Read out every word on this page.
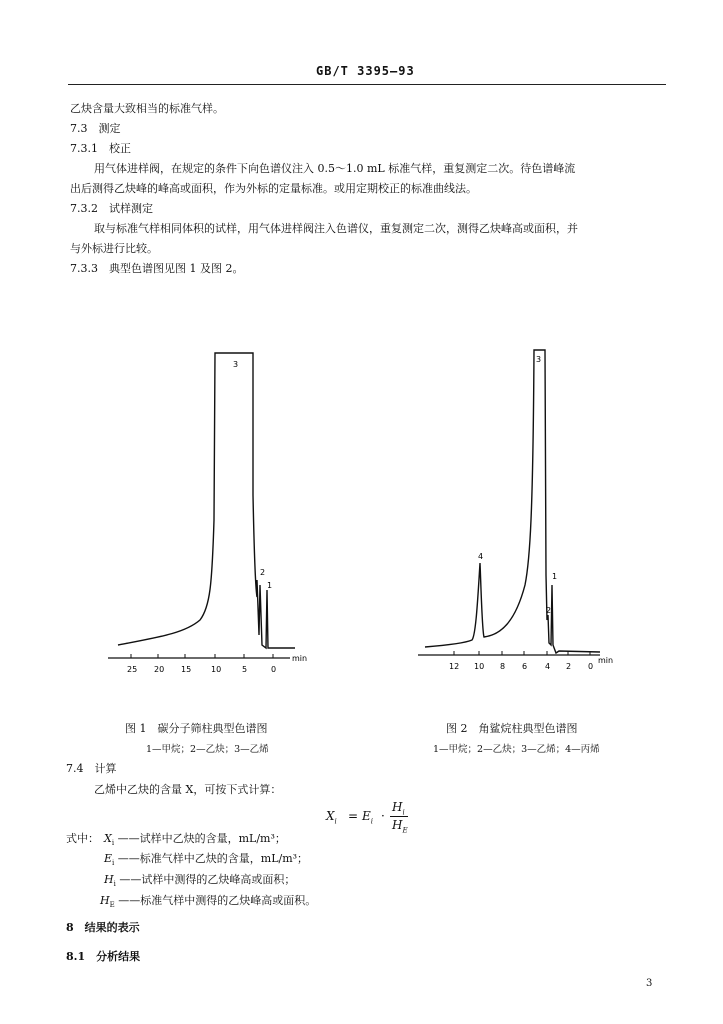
GB/T 3395—93
乙炔含量大致相当的标准气样。
7.3　测定
7.3.1　校正
用气体进样阀，在规定的条件下向色谱仪注入 0.5～1.0 mL 标准气样，重复测定二次。待色谱峰流
出后测得乙炔峰的峰高或面积，作为外标的定量标准。或用定期校正的标准曲线法。
7.3.2　试样测定
取与标准气样相同体积的试样，用气体进样阀注入色谱仪，重复测定二次，测得乙炔峰高或面积，并
与外标进行比较。
7.3.3　典型色谱图见图 1 及图 2。
3
2
1
min
25 20 15 10	5	0
3
4
1
2
min
12 10 8 6 4 2 0
图 1　碳分子筛柱典型色谱图
1—甲烷；2—乙炔；3—乙烯
图 2　角鲨烷柱典型色谱图
1—甲烷；2—乙炔；3—乙烯；4—丙烯
7.4　计算
乙烯中乙炔的含量 X，可按下式计算：
$X_i = E_i$ ·
$H_i$
$H_E$
式中： $X_i$ ——试样中乙炔的含量，mL/m³；
$E_i$ ——标准气样中乙炔的含量，mL/m³；
$H_i$ ——试样中测得的乙炔峰高或面积；
$H_E$ ——标准气样中测得的乙炔峰高或面积。
8　结果的表示
8.1　分析结果
3
